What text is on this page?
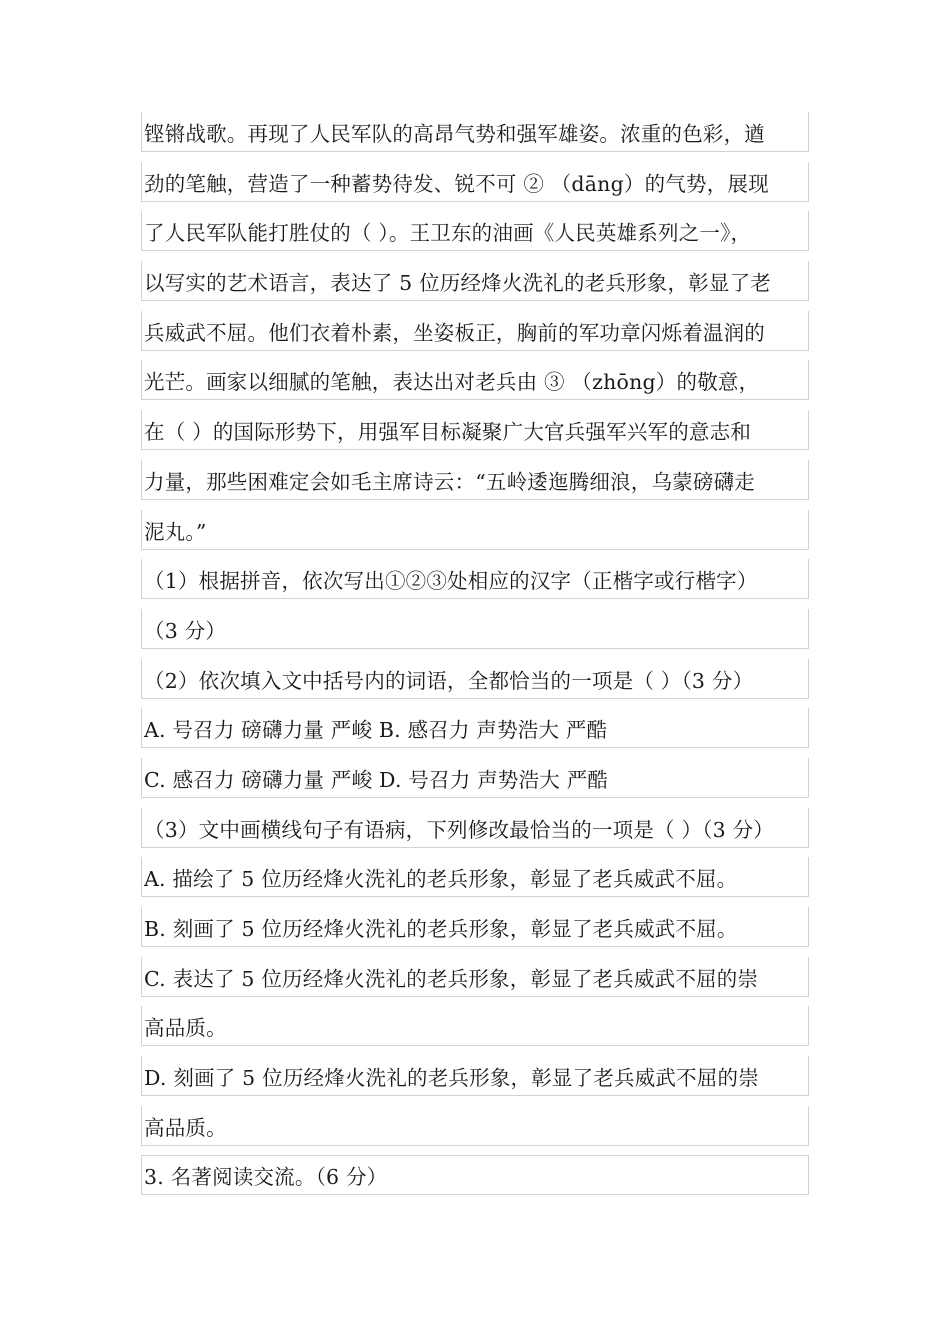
铿锵战歌。再现了人民军队的高昂气势和强军雄姿。浓重的色彩，遒
劲的笔触，营造了一种蓄势待发、锐不可 ② （dāng）的气势，展现
了人民军队能打胜仗的（ ）。王卫东的油画《人民英雄系列之一》，
以写实的艺术语言，表达了 5 位历经烽火洗礼的老兵形象，彰显了老
兵威武不屈。他们衣着朴素，坐姿板正，胸前的军功章闪烁着温润的
光芒。画家以细腻的笔触，表达出对老兵由 ③ （zhōng）的敬意，
在（ ）的国际形势下，用强军目标凝聚广大官兵强军兴军的意志和
力量，那些困难定会如毛主席诗云：“五岭逶迤腾细浪，乌蒙磅礴走
泥丸。”
（1）根据拼音，依次写出①②③处相应的汉字（正楷字或行楷字）
（3 分）
（2）依次填入文中括号内的词语，全都恰当的一项是（ ）（3 分）
A. 号召力 磅礴力量 严峻 B. 感召力 声势浩大 严酷
C. 感召力 磅礴力量 严峻 D. 号召力 声势浩大 严酷
（3）文中画横线句子有语病，下列修改最恰当的一项是（ ）（3 分）
A. 描绘了 5 位历经烽火洗礼的老兵形象，彰显了老兵威武不屈。
B. 刻画了 5 位历经烽火洗礼的老兵形象，彰显了老兵威武不屈。
C. 表达了 5 位历经烽火洗礼的老兵形象，彰显了老兵威武不屈的崇
高品质。
D. 刻画了 5 位历经烽火洗礼的老兵形象，彰显了老兵威武不屈的崇
高品质。
3. 名著阅读交流。（6 分）
